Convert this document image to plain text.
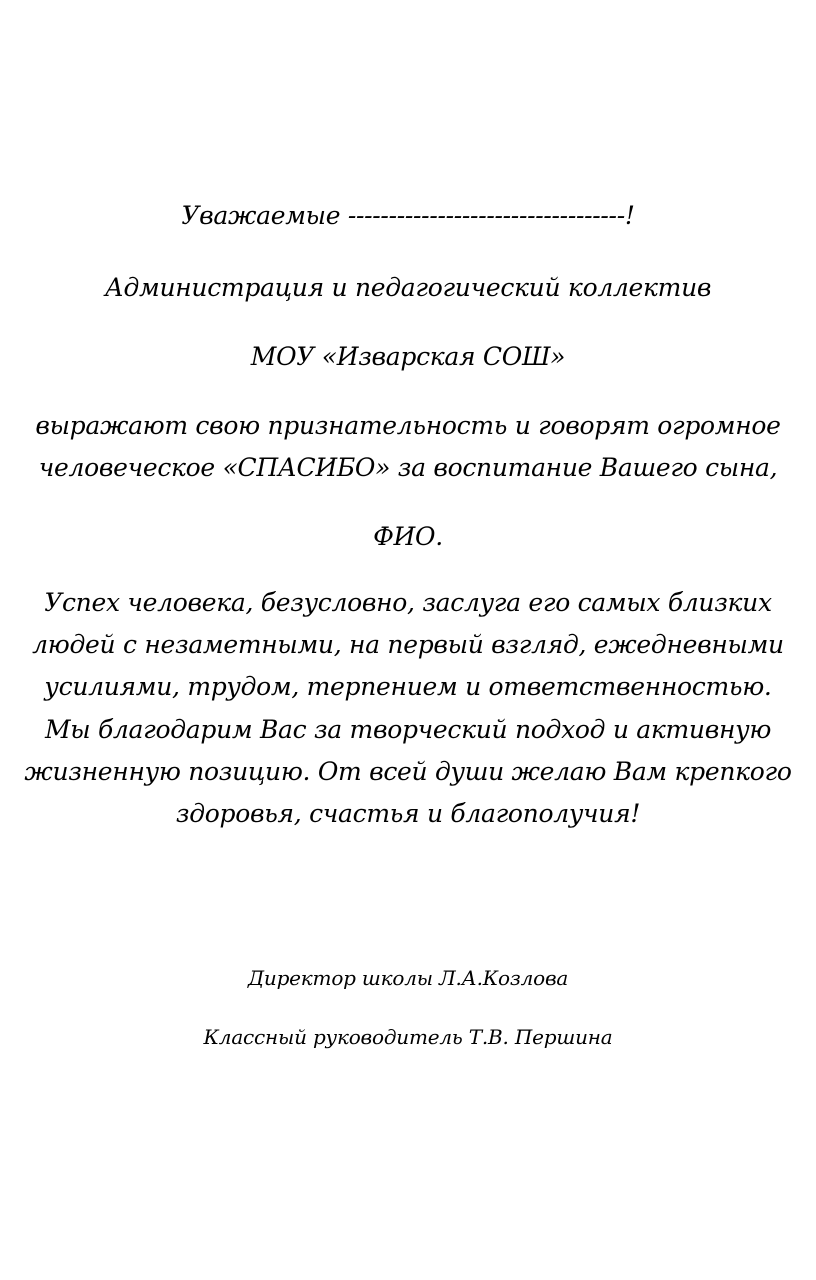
Уважаемые ----------------------------------!
Администрация и педагогический коллектив
МОУ «Изварская СОШ»
выражают свою признательность и говорят огромное
человеческое «СПАСИБО» за воспитание Вашего сына,
ФИО.
Успех человека, безусловно, заслуга его самых близких
людей с незаметными, на первый взгляд, ежедневными
усилиями, трудом, терпением и ответственностью.
Мы благодарим Вас за творческий подход и активную
жизненную позицию. От всей души желаю Вам крепкого
здоровья, счастья и благополучия!
Директор школы Л.А.Козлова
Классный руководитель Т.В. Першина
